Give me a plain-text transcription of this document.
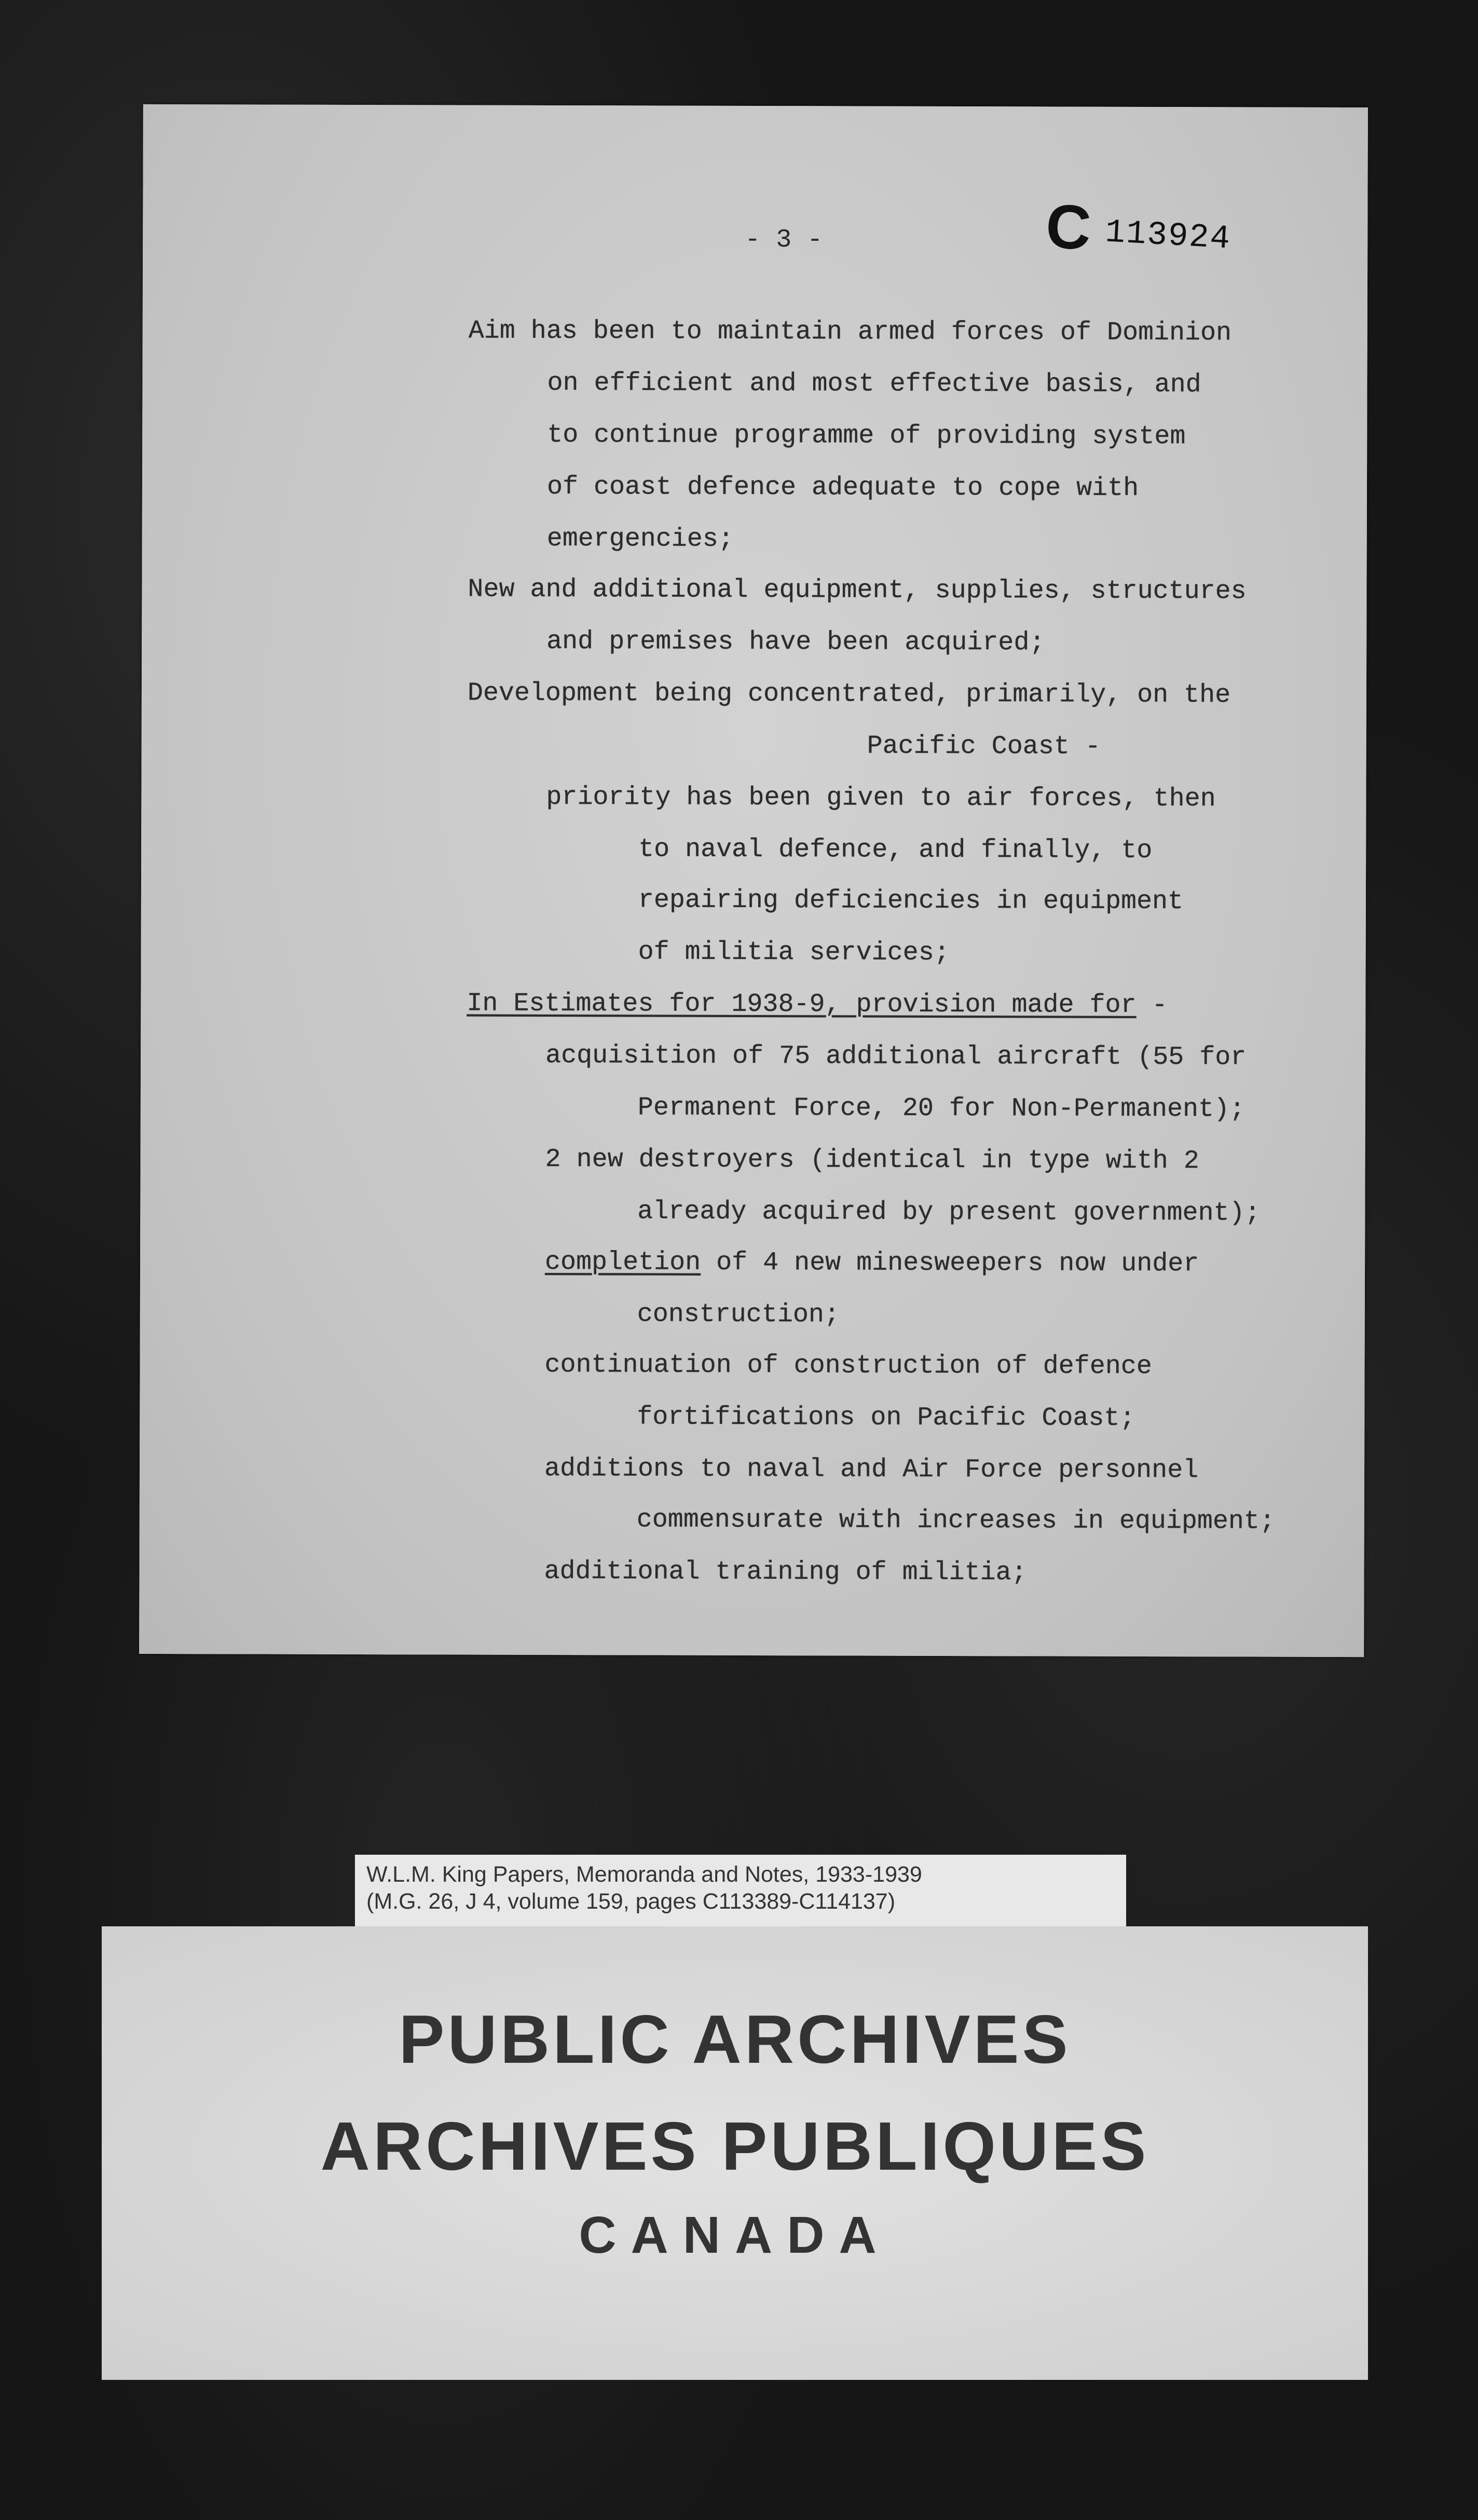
- 3 -	C 113924
Aim has been to maintain armed forces of Dominion
on efficient and most effective basis, and
to continue programme of providing system
of coast defence adequate to cope with
emergencies;
New and additional equipment, supplies, structures
and premises have been acquired;
Development being concentrated, primarily, on the
Pacific Coast -
priority has been given to air forces, then
to naval defence, and finally, to
repairing deficiencies in equipment
of militia services;
In Estimates for 1938-9, provision made for -
acquisition of 75 additional aircraft (55 for
Permanent Force, 20 for Non-Permanent);
2 new destroyers (identical in type with 2
already acquired by present government);
completion of 4 new minesweepers now under
construction;
continuation of construction of defence
fortifications on Pacific Coast;
additions to naval and Air Force personnel
commensurate with increases in equipment;
additional training of militia;
W.L.M. King Papers, Memoranda and Notes, 1933-1939
(M.G. 26, J 4, volume 159, pages C113389-C114137)
PUBLIC ARCHIVES
ARCHIVES PUBLIQUES
CANADA
